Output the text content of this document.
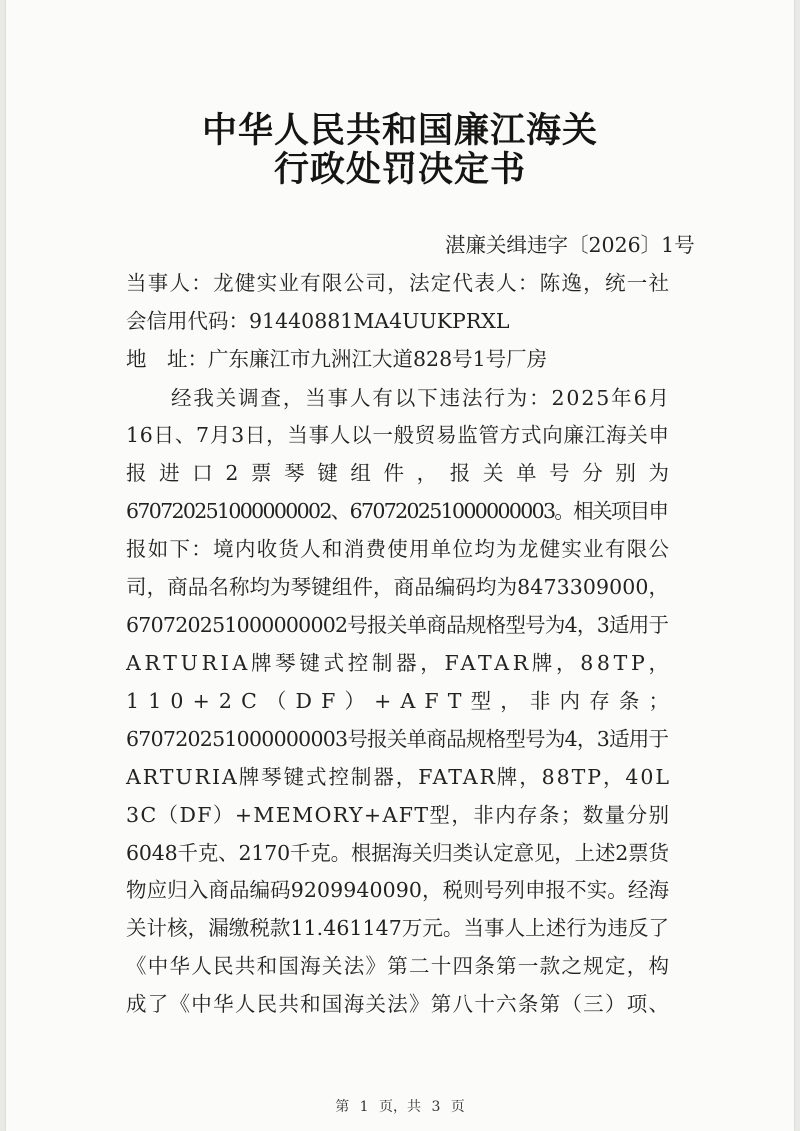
中华人民共和国廉江海关
行政处罚决定书
湛廉关缉违字〔2026〕1号
当事人：龙健实业有限公司，法定代表人：陈逸，统一社
会信用代码：91440881MA4UUKPRXL
地　址：广东廉江市九洲江大道828号1号厂房
经我关调查，当事人有以下违法行为：2025年6月
16日、7月3日，当事人以一般贸易监管方式向廉江海关申
报进口2票琴键组件，报关单号分别为
670720251000000002、670720251000000003。相关项目申
报如下：境内收货人和消费使用单位均为龙健实业有限公
司，商品名称均为琴键组件，商品编码均为8473309000，
670720251000000002号报关单商品规格型号为4，3适用于
ARTURIA牌琴键式控制器，FATAR牌，88TP，
110+2C（DF）+AFT型，非内存条；
670720251000000003号报关单商品规格型号为4，3适用于
ARTURIA牌琴键式控制器，FATAR牌，88TP，40L
3C（DF）+MEMORY+AFT型，非内存条；数量分别
6048千克、2170千克。根据海关归类认定意见，上述2票货
物应归入商品编码9209940090，税则号列申报不实。经海
关计核，漏缴税款11.461147万元。当事人上述行为违反了
《中华人民共和国海关法》第二十四条第一款之规定，构
成了《中华人民共和国海关法》第八十六条第（三）项、
第 1 页，共 3 页
